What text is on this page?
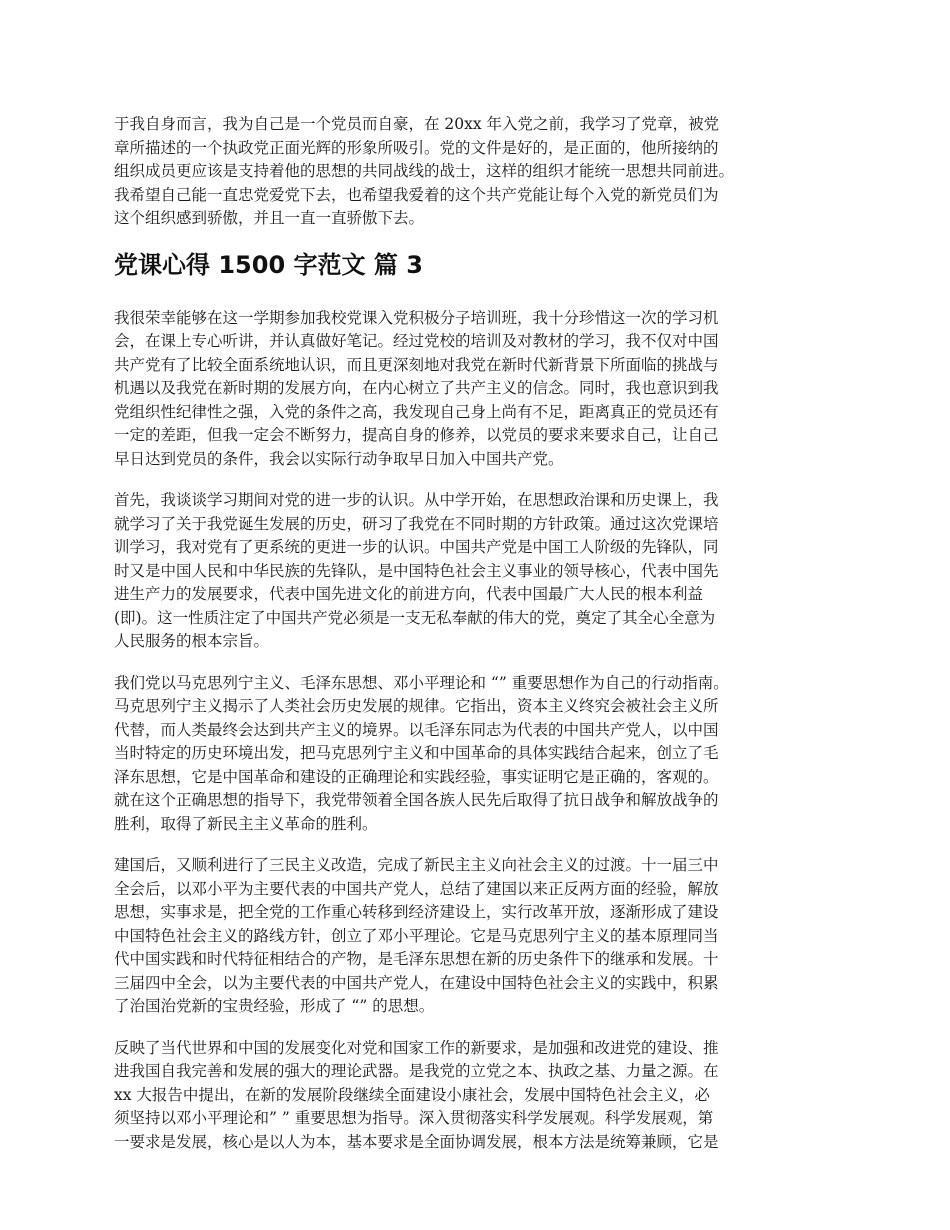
于我自身而言，我为自己是一个党员而自豪，在 20xx 年入党之前，我学习了党章，被党
章所描述的一个执政党正面光辉的形象所吸引。党的文件是好的，是正面的，他所接纳的
组织成员更应该是支持着他的思想的共同战线的战士，这样的组织才能统一思想共同前进。
我希望自己能一直忠党爱党下去，也希望我爱着的这个共产党能让每个入党的新党员们为
这个组织感到骄傲，并且一直一直骄傲下去。
党课心得 1500 字范文 篇 3
我很荣幸能够在这一学期参加我校党课入党积极分子培训班，我十分珍惜这一次的学习机
会，在课上专心听讲，并认真做好笔记。经过党校的培训及对教材的学习，我不仅对中国
共产党有了比较全面系统地认识，而且更深刻地对我党在新时代新背景下所面临的挑战与
机遇以及我党在新时期的发展方向，在内心树立了共产主义的信念。同时，我也意识到我
党组织性纪律性之强，入党的条件之高，我发现自己身上尚有不足，距离真正的党员还有
一定的差距，但我一定会不断努力，提高自身的修养，以党员的要求来要求自己，让自己
早日达到党员的条件，我会以实际行动争取早日加入中国共产党。
首先，我谈谈学习期间对党的进一步的认识。从中学开始，在思想政治课和历史课上，我
就学习了关于我党诞生发展的历史，研习了我党在不同时期的方针政策。通过这次党课培
训学习，我对党有了更系统的更进一步的认识。中国共产党是中国工人阶级的先锋队，同
时又是中国人民和中华民族的先锋队，是中国特色社会主义事业的领导核心，代表中国先
进生产力的发展要求，代表中国先进文化的前进方向，代表中国最广大人民的根本利益
(即)。这一性质注定了中国共产党必须是一支无私奉献的伟大的党，奠定了其全心全意为
人民服务的根本宗旨。
我们党以马克思列宁主义、毛泽东思想、邓小平理论和 “” 重要思想作为自己的行动指南。
马克思列宁主义揭示了人类社会历史发展的规律。它指出，资本主义终究会被社会主义所
代替，而人类最终会达到共产主义的境界。以毛泽东同志为代表的中国共产党人，以中国
当时特定的历史环境出发，把马克思列宁主义和中国革命的具体实践结合起来，创立了毛
泽东思想，它是中国革命和建设的正确理论和实践经验，事实证明它是正确的，客观的。
就在这个正确思想的指导下，我党带领着全国各族人民先后取得了抗日战争和解放战争的
胜利，取得了新民主主义革命的胜利。
建国后，又顺利进行了三民主义改造，完成了新民主主义向社会主义的过渡。十一届三中
全会后，以邓小平为主要代表的中国共产党人，总结了建国以来正反两方面的经验，解放
思想，实事求是，把全党的工作重心转移到经济建设上，实行改革开放，逐渐形成了建设
中国特色社会主义的路线方针，创立了邓小平理论。它是马克思列宁主义的基本原理同当
代中国实践和时代特征相结合的产物，是毛泽东思想在新的历史条件下的继承和发展。十
三届四中全会，以为主要代表的中国共产党人，在建设中国特色社会主义的实践中，积累
了治国治党新的宝贵经验，形成了 “” 的思想。
反映了当代世界和中国的发展变化对党和国家工作的新要求，是加强和改进党的建设、推
进我国自我完善和发展的强大的理论武器。是我党的立党之本、执政之基、力量之源。在
xx 大报告中提出，在新的发展阶段继续全面建设小康社会，发展中国特色社会主义，必
须坚持以邓小平理论和” ” 重要思想为指导。深入贯彻落实科学发展观。科学发展观，第
一要求是发展，核心是以人为本，基本要求是全面协调发展，根本方法是统筹兼顾，它是
